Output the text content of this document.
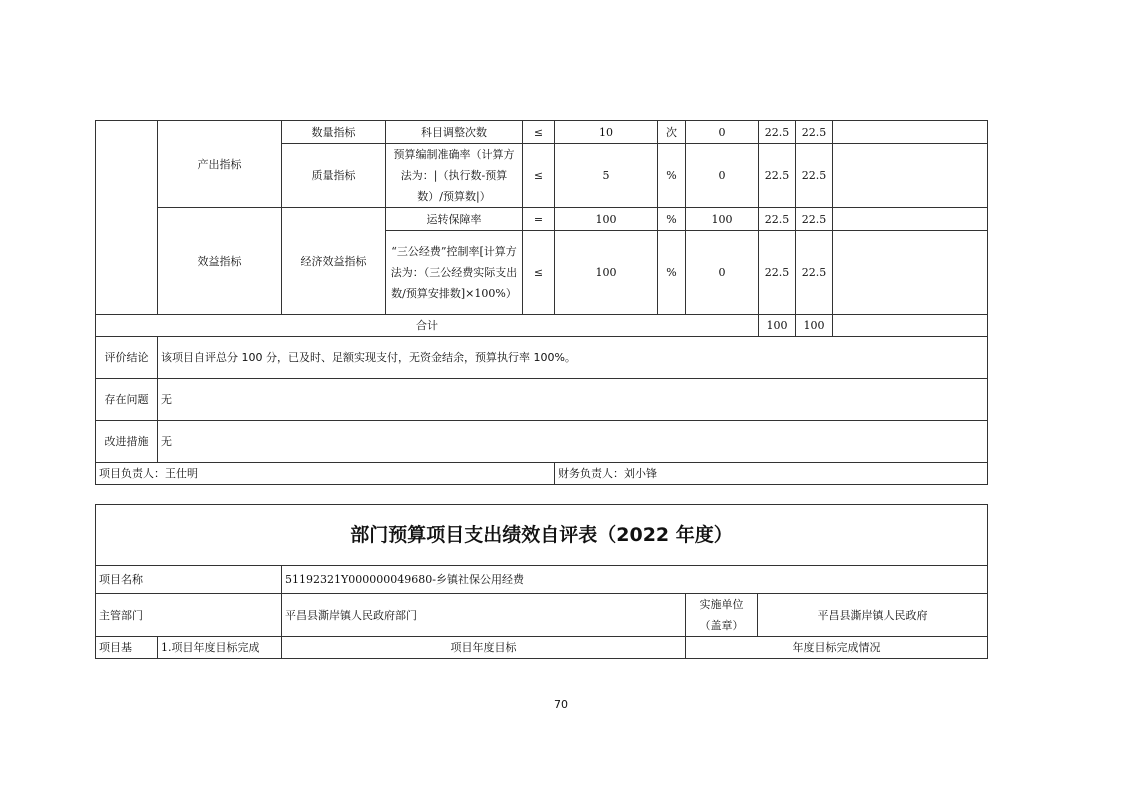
	产出指标	数量指标	科目调整次数	≤	10	次	0	22.5	22.5	
		质量指标	预算编制准确率（计算方法为：|（执行数-预算数）/预算数|）	≤	5	%	0	22.5	22.5	
	效益指标	经济效益指标	运转保障率	=	100	%	100	22.5	22.5	
			“三公经费”控制率[计算方法为：（三公经费实际支出数/预算安排数]×100%）	≤	100	%	0	22.5	22.5	
合计								100	100	
评价结论	该项目自评总分 100 分，已及时、足额实现支付，无资金结余，预算执行率 100%。									
存在问题	无									
改进措施	无									
项目负责人：王仕明					财务负责人：刘小锋					
部门预算项目支出绩效自评表（2022 年度）				
项目名称		51192321Y000000049680-乡镇社保公用经费		
主管部门		平昌县澌岸镇人民政府部门	实施单位（盖章）	平昌县澌岸镇人民政府
项目基	1.项目年度目标完成	项目年度目标	年度目标完成情况	
70
